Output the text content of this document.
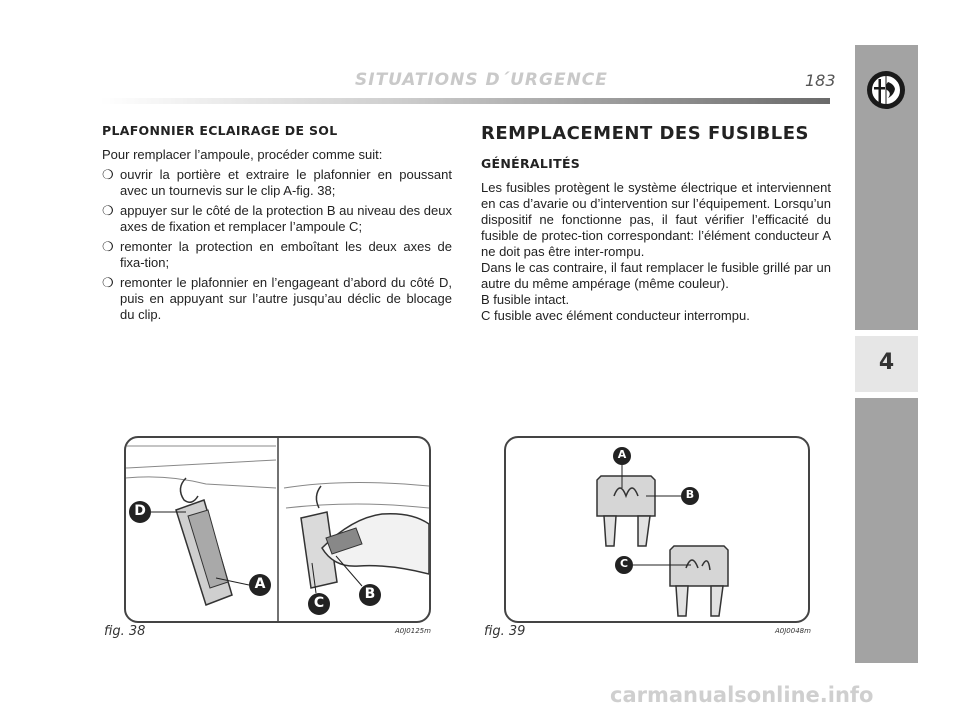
SITUATIONS D´URGENCE	183
4
PLAFONNIER ECLAIRAGE DE SOL

Pour remplacer l’ampoule, procéder comme suit:

❍ ouvrir la portière et extraire le plafonnier en poussant avec un tournevis sur le clip A-fig. 38;
❍ appuyer sur le côté de la protection B au niveau des deux axes de fixation et remplacer l’ampoule C;
❍ remonter la protection en emboîtant les deux axes de fixa-tion;
❍ remonter le plafonnier en l’engageant d’abord du côté D, puis en appuyant sur l’autre jusqu’au déclic de blocage du clip.
REMPLACEMENT DES FUSIBLES
GÉNÉRALITÉS

Les fusibles protègent le système électrique et interviennent en cas d’avarie ou d’intervention sur l’équipement. Lorsqu’un dispositif ne fonctionne pas, il faut vérifier l’efficacité du fusible de protec-tion correspondant: l’élément conducteur A ne doit pas être inter-rompu.

Dans le cas contraire, il faut remplacer le fusible grillé par un autre du même ampérage (même couleur).

B fusible intact.

C fusible avec élément conducteur interrompu.

D
A
C
B
fig. 38	A0J0125m
A
B
C
fig. 39	A0J0048m
carmanualsonline.info
